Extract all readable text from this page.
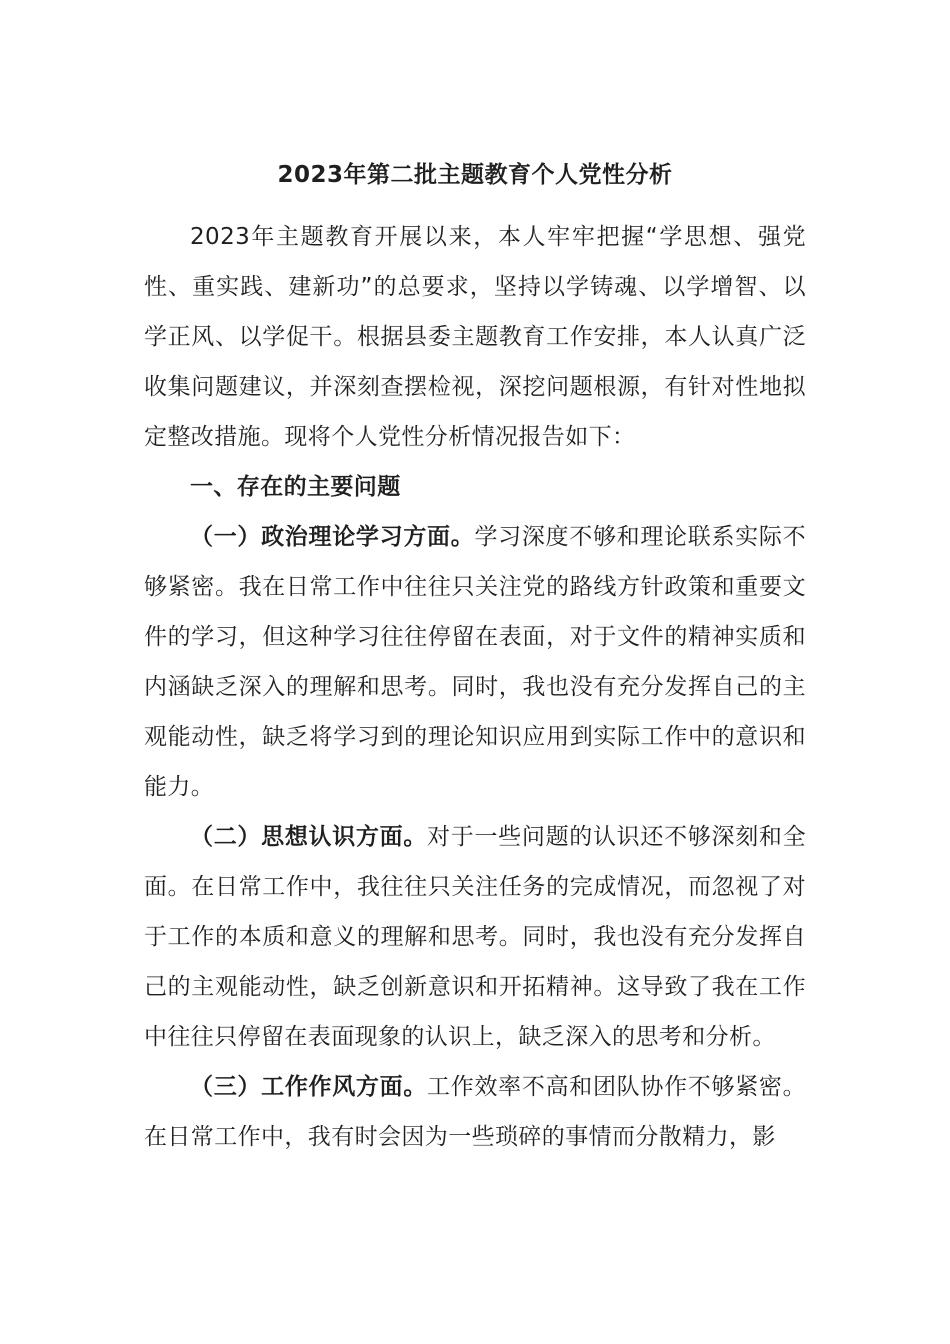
2023年第二批主题教育个人党性分析

2023年主题教育开展以来，本人牢牢把握“学思想、强党性、重实践、建新功”的总要求，坚持以学铸魂、以学增智、以学正风、以学促干。根据县委主题教育工作安排，本人认真广泛收集问题建议，并深刻查摆检视，深挖问题根源，有针对性地拟定整改措施。现将个人党性分析情况报告如下：

一、存在的主要问题

（一）政治理论学习方面。学习深度不够和理论联系实际不够紧密。我在日常工作中往往只关注党的路线方针政策和重要文件的学习，但这种学习往往停留在表面，对于文件的精神实质和内涵缺乏深入的理解和思考。同时，我也没有充分发挥自己的主观能动性，缺乏将学习到的理论知识应用到实际工作中的意识和能力。

（二）思想认识方面。对于一些问题的认识还不够深刻和全面。在日常工作中，我往往只关注任务的完成情况，而忽视了对于工作的本质和意义的理解和思考。同时，我也没有充分发挥自己的主观能动性，缺乏创新意识和开拓精神。这导致了我在工作中往往只停留在表面现象的认识上，缺乏深入的思考和分析。

（三）工作作风方面。工作效率不高和团队协作不够紧密。在日常工作中，我有时会因为一些琐碎的事情而分散精力，影
